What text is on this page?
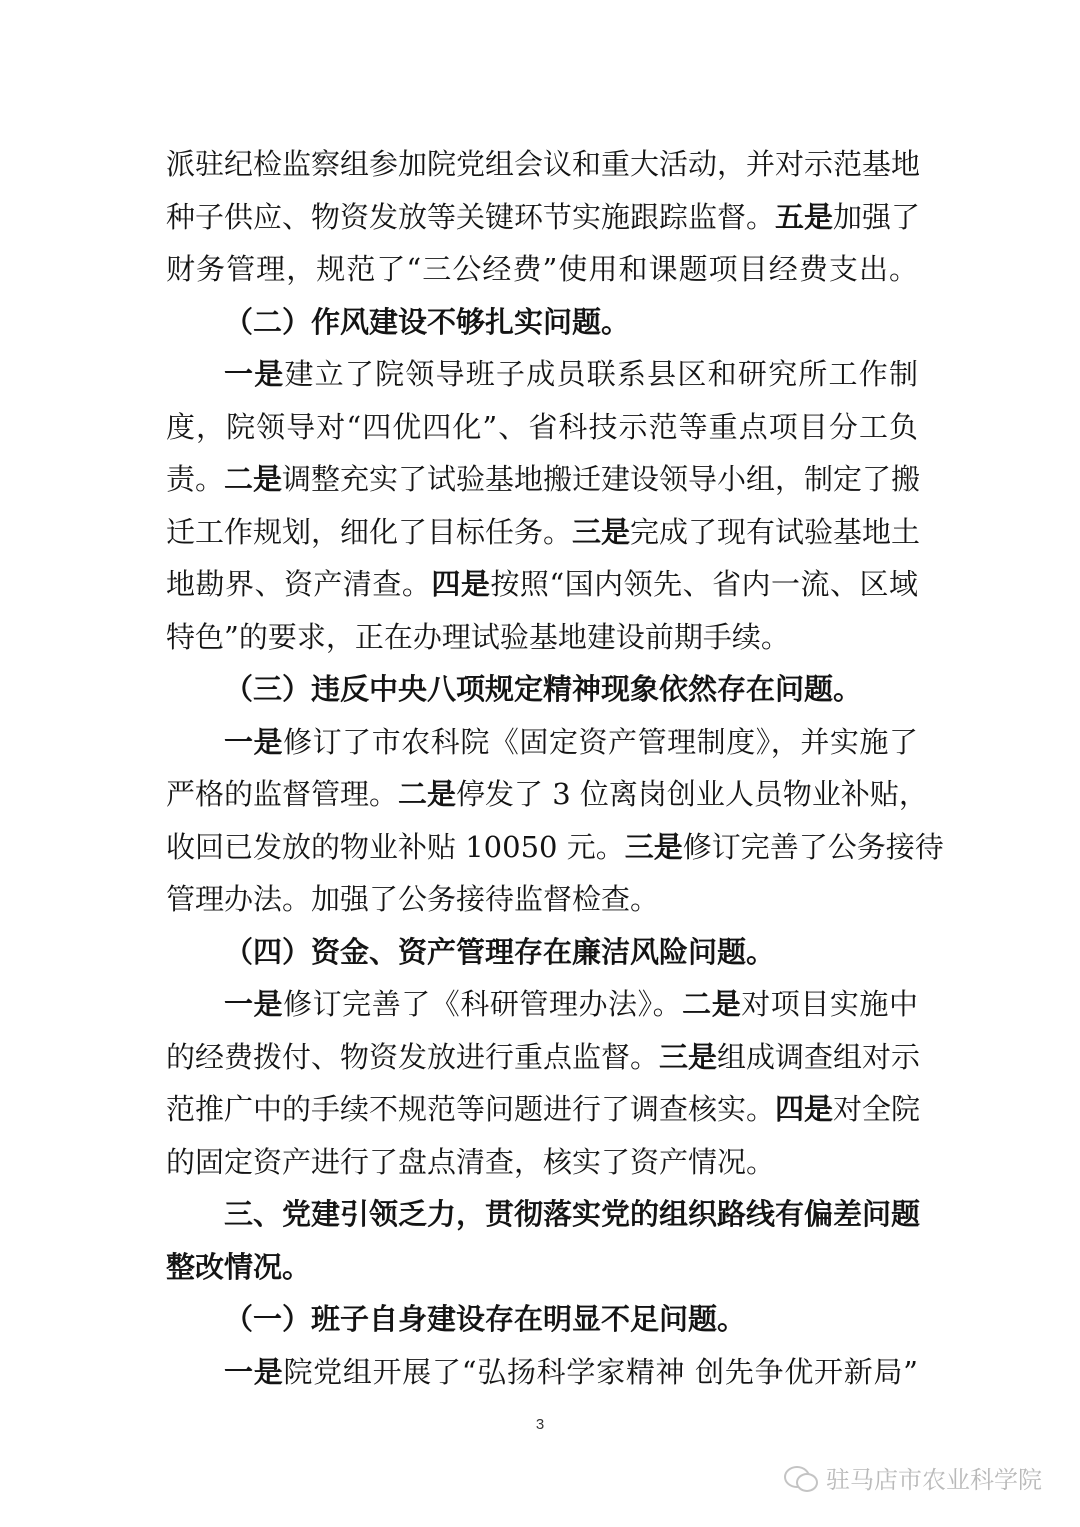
派驻纪检监察组参加院党组会议和重大活动，并对示范基地
种子供应、物资发放等关键环节实施跟踪监督。五是加强了
财务管理，规范了“三公经费”使用和课题项目经费支出。
（二）作风建设不够扎实问题。
一是建立了院领导班子成员联系县区和研究所工作制
度，院领导对“四优四化”、省科技示范等重点项目分工负
责。二是调整充实了试验基地搬迁建设领导小组，制定了搬
迁工作规划，细化了目标任务。三是完成了现有试验基地土
地勘界、资产清查。四是按照“国内领先、省内一流、区域
特色”的要求，正在办理试验基地建设前期手续。
（三）违反中央八项规定精神现象依然存在问题。
一是修订了市农科院《固定资产管理制度》，并实施了
严格的监督管理。二是停发了 3 位离岗创业人员物业补贴，
收回已发放的物业补贴 10050 元。三是修订完善了公务接待
管理办法。加强了公务接待监督检查。
（四）资金、资产管理存在廉洁风险问题。
一是修订完善了《科研管理办法》。二是对项目实施中
的经费拨付、物资发放进行重点监督。三是组成调查组对示
范推广中的手续不规范等问题进行了调查核实。四是对全院
的固定资产进行了盘点清查，核实了资产情况。
三、党建引领乏力，贯彻落实党的组织路线有偏差问题
整改情况。
（一）班子自身建设存在明显不足问题。
一是院党组开展了“弘扬科学家精神 创先争优开新局”
3
驻马店市农业科学院
